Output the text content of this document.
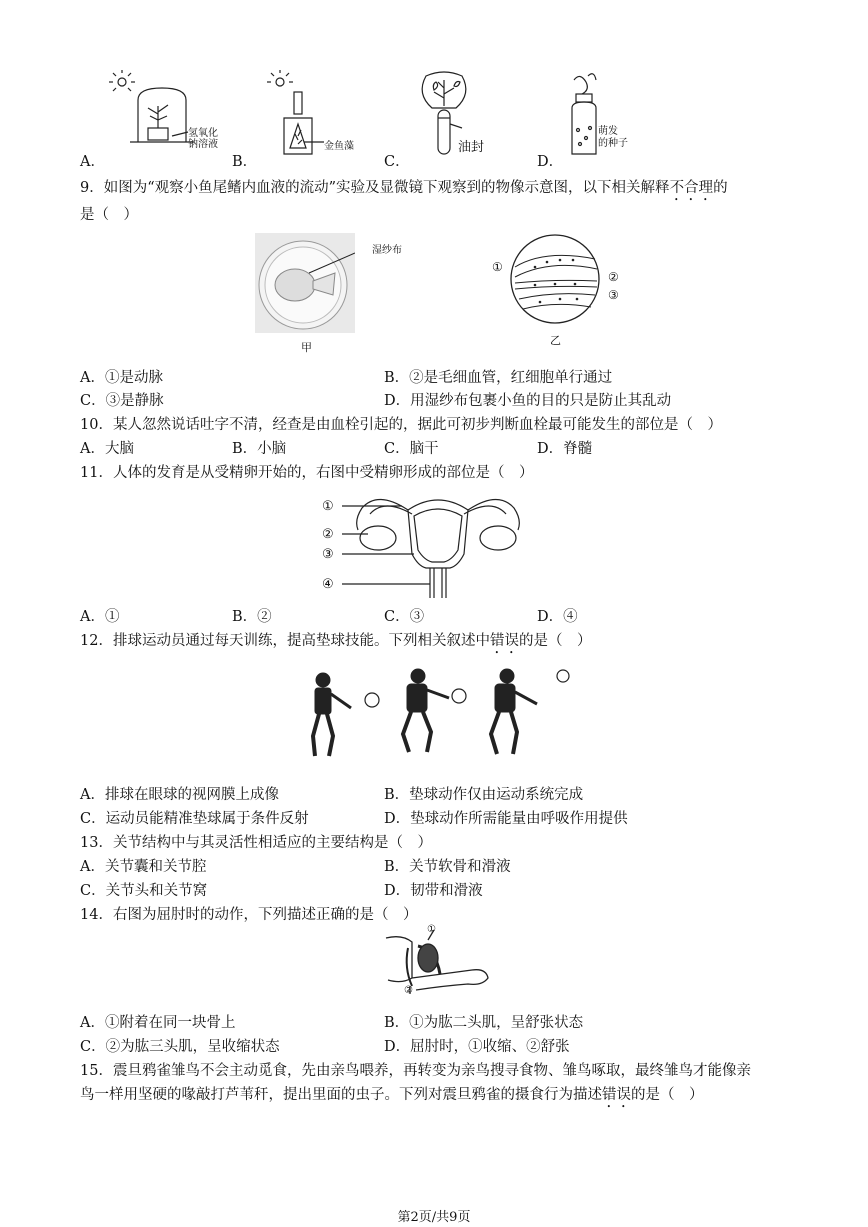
氢氧化
钠溶液	金鱼藻	油封
萌发
的种子
A．	B．	C．	D．
9．如图为“观察小鱼尾鳍内血液的流动”实验及显微镜下观察到的物像示意图，以下相关解释不合理的
是（　）
湿纱布
甲
①
②
③
乙
A．①是动脉	B．②是毛细血管，红细胞单行通过
C．③是静脉	D．用湿纱布包裹小鱼的目的只是防止其乱动
10．某人忽然说话吐字不清，经查是由血栓引起的，据此可初步判断血栓最可能发生的部位是（　）
A．大脑	B．小脑	C．脑干	D．脊髓
11．人体的发育是从受精卵开始的，右图中受精卵形成的部位是（　）
①
②
③
④
A．①	B．②	C．③	D．④
12．排球运动员通过每天训练，提高垫球技能。下列相关叙述中错误的是（　）
A．排球在眼球的视网膜上成像	B．垫球动作仅由运动系统完成
C．运动员能精准垫球属于条件反射	D．垫球动作所需能量由呼吸作用提供
13．关节结构中与其灵活性相适应的主要结构是（　）
A．关节囊和关节腔	B．关节软骨和滑液
C．关节头和关节窝	D．韧带和滑液
14．右图为屈肘时的动作，下列描述正确的是（　）
①
②
A．①附着在同一块骨上	B．①为肱二头肌，呈舒张状态
C．②为肱三头肌，呈收缩状态	D．屈肘时，①收缩、②舒张
15．震旦鸦雀雏鸟不会主动觅食，先由亲鸟喂养，再转变为亲鸟搜寻食物、雏鸟啄取，最终雏鸟才能像亲
鸟一样用坚硬的喙敲打芦苇秆，提出里面的虫子。下列对震旦鸦雀的摄食行为描述错误的是（　）
第2页/共9页
